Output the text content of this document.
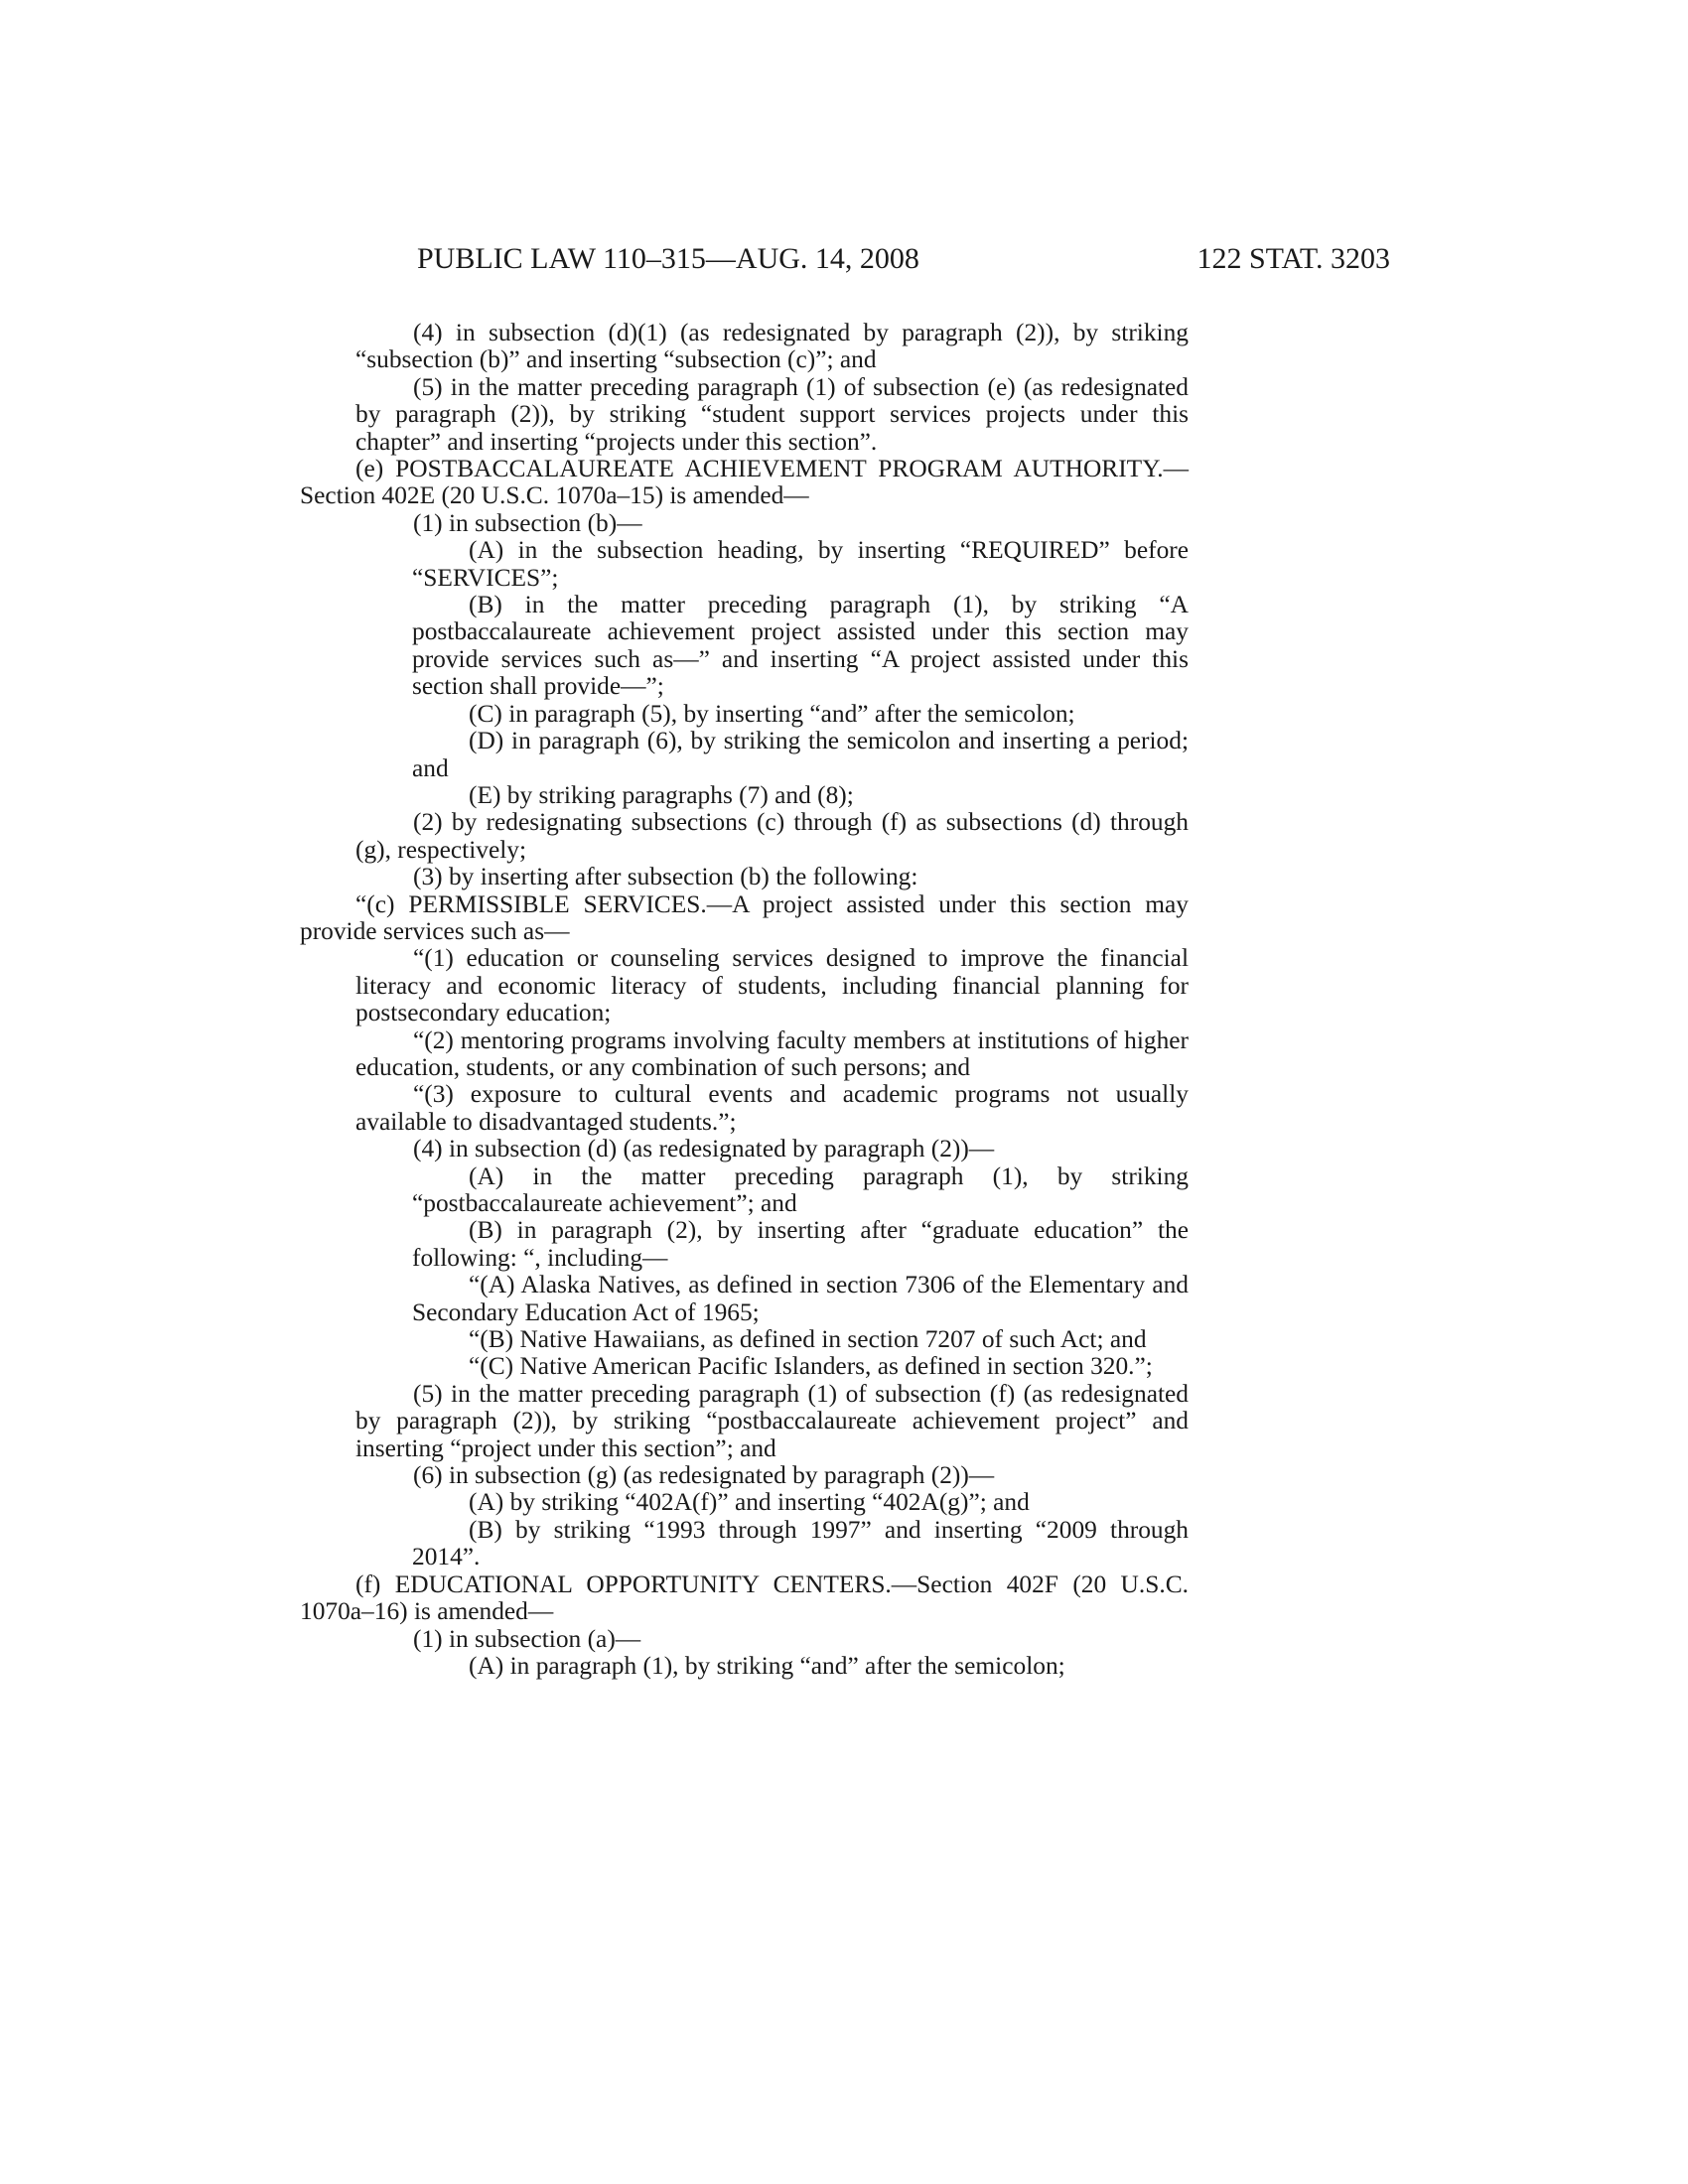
PUBLIC LAW 110–315—AUG. 14, 2008	122 STAT. 3203

(4) in subsection (d)(1) (as redesignated by paragraph (2)), by striking “subsection (b)” and inserting “subsection (c)”; and

(5) in the matter preceding paragraph (1) of subsection (e) (as redesignated by paragraph (2)), by striking “student support services projects under this chapter” and inserting “projects under this section”.

(e) POSTBACCALAUREATE ACHIEVEMENT PROGRAM AUTHORITY.—Section 402E (20 U.S.C. 1070a–15) is amended—

(1) in subsection (b)—

(A) in the subsection heading, by inserting “REQUIRED” before “SERVICES”;

(B) in the matter preceding paragraph (1), by striking “A postbaccalaureate achievement project assisted under this section may provide services such as—” and inserting “A project assisted under this section shall provide—”;

(C) in paragraph (5), by inserting “and” after the semicolon;

(D) in paragraph (6), by striking the semicolon and inserting a period; and

(E) by striking paragraphs (7) and (8);

(2) by redesignating subsections (c) through (f) as subsections (d) through (g), respectively;

(3) by inserting after subsection (b) the following:

“(c) PERMISSIBLE SERVICES.—A project assisted under this section may provide services such as—

“(1) education or counseling services designed to improve the financial literacy and economic literacy of students, including financial planning for postsecondary education;

“(2) mentoring programs involving faculty members at institutions of higher education, students, or any combination of such persons; and

“(3) exposure to cultural events and academic programs not usually available to disadvantaged students.”;

(4) in subsection (d) (as redesignated by paragraph (2))—

(A) in the matter preceding paragraph (1), by striking “postbaccalaureate achievement”; and

(B) in paragraph (2), by inserting after “graduate education” the following: “, including—

“(A) Alaska Natives, as defined in section 7306 of the Elementary and Secondary Education Act of 1965;

“(B) Native Hawaiians, as defined in section 7207 of such Act; and

“(C) Native American Pacific Islanders, as defined in section 320.”;

(5) in the matter preceding paragraph (1) of subsection (f) (as redesignated by paragraph (2)), by striking “postbaccalaureate achievement project” and inserting “project under this section”; and

(6) in subsection (g) (as redesignated by paragraph (2))—

(A) by striking “402A(f)” and inserting “402A(g)”; and

(B) by striking “1993 through 1997” and inserting “2009 through 2014”.

(f) EDUCATIONAL OPPORTUNITY CENTERS.—Section 402F (20 U.S.C. 1070a–16) is amended—

(1) in subsection (a)—

(A) in paragraph (1), by striking “and” after the semicolon;
